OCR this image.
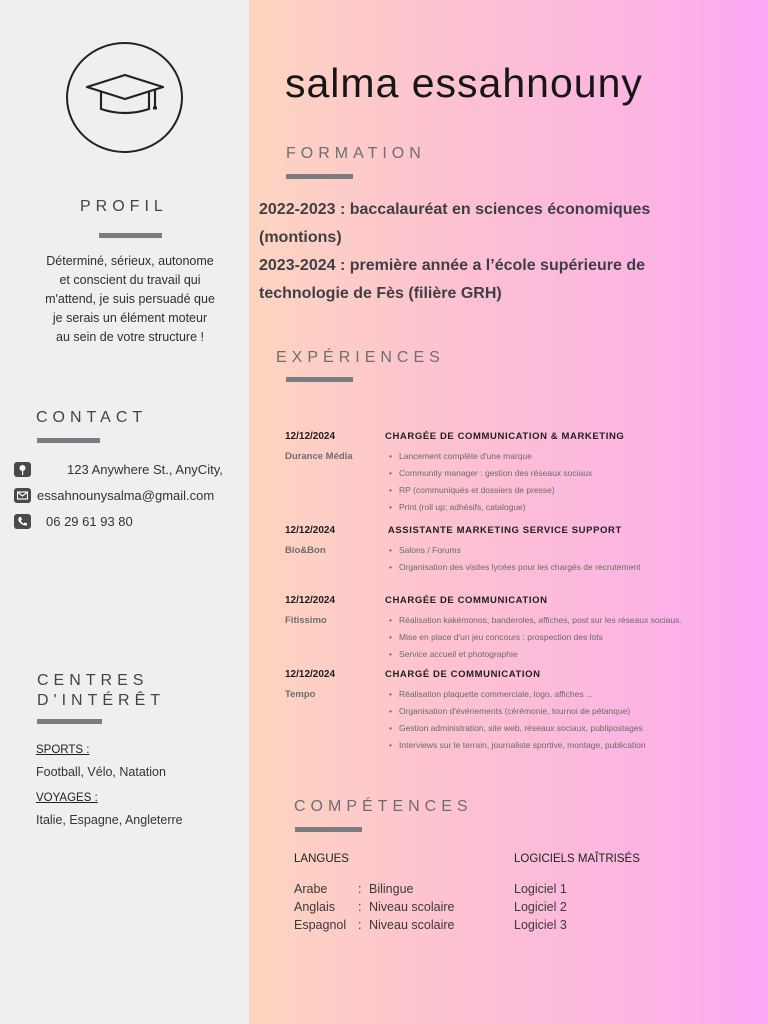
PROFIL
Déterminé, sérieux, autonome
et conscient du travail qui
m'attend, je suis persuadé que
je serais un élément moteur
au sein de votre structure !
CONTACT
123 Anywhere St., AnyCity,
essahnounysalma@gmail.com
06 29 61 93 80
CENTRES
D'INTÉRÊT
SPORTS :
Football, Vélo, Natation
VOYAGES :
Italie, Espagne, Angleterre
salma essahnouny
FORMATION
2022-2023 : baccalauréat en sciences économiques
(montions)
2023-2024 : première année a l’école supérieure de
technologie de Fès (filière GRH)
EXPÉRIENCES
12/12/2024
Durance Média
CHARGÉE DE COMMUNICATION & MARKETING
• Lancement complète d'une marque
• Community manager : gestion des réseaux sociaux
• RP (communiqués et dossiers de presse)
• Print (roll up; adhésifs, catalogue)
12/12/2024
Bio&Bon
ASSISTANTE MARKETING SERVICE SUPPORT
• Salons / Forums
• Organisation des visites lycées pour les chargés de recrutement
12/12/2024
Fitissimo
CHARGÉE DE COMMUNICATION
• Réalisation kakémonos, banderoles, affiches, post sur les réseaux sociaux.
• Mise en place d'un jeu concours : prospection des lots
• Service accueil et photographie
12/12/2024
Tempo
CHARGÉ DE COMMUNICATION
• Réalisation plaquette commerciale, logo, affiches ...
• Organisation d'événements (cérémonie, tournoi de pétanque)
• Gestion administration, site web, réseaux sociaux, publipostages
• Interviews sur le terrain, journaliste sportive, montage, publication
COMPÉTENCES
LANGUES	LOGICIELS MAÎTRISÉS
Arabe : Bilingue
Anglais : Niveau scolaire
Espagnol : Niveau scolaire
Logiciel 1
Logiciel 2
Logiciel 3
